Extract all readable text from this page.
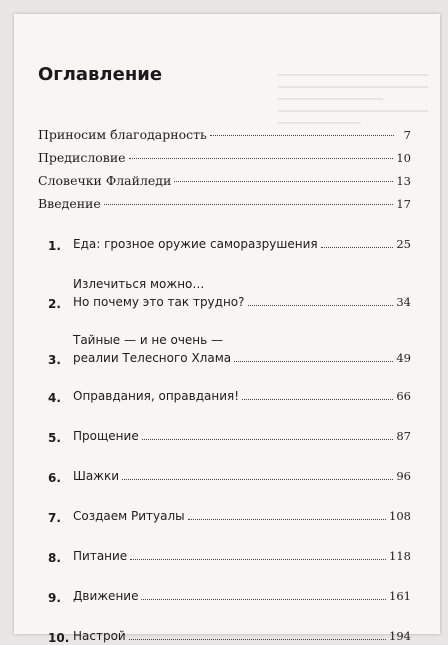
Оглавление
Приносим благодарность	7
Предисловие	10
Словечки Флайледи	13
Введение	17
1.	Еда: грозное оружие саморазрушения	25
2.
Излечиться можно…
Но почему это так трудно?	34
3.
Тайные — и не очень —
реалии Телесного Хлама	49
4.	Оправдания, оправдания!	66
5.	Прощение	87
6.	Шажки	96
7.	Создаем Ритуалы	108
8.	Питание	118
9.	Движение	161
10. Настрой	194
